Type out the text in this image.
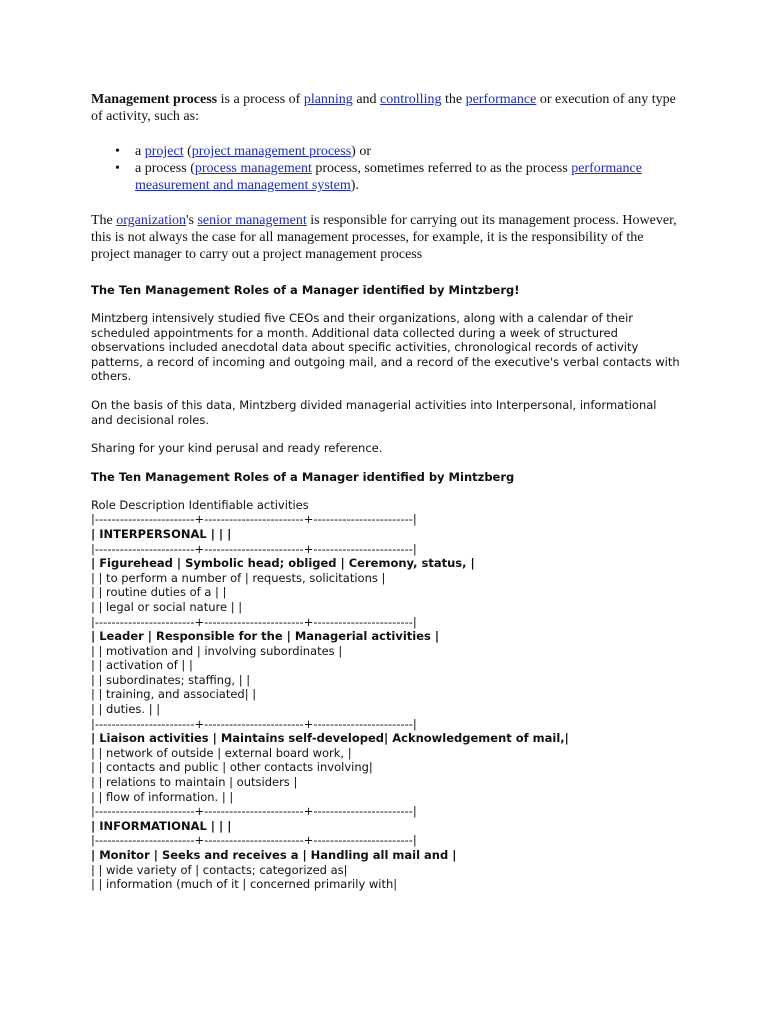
Management process is a process of planning and controlling the performance or execution of any type of activity, such as:

• a project (project management process) or
• a process (process management process, sometimes referred to as the process performance measurement and management system).

The organization's senior management is responsible for carrying out its management process. However, this is not always the case for all management processes, for example, it is the responsibility of the project manager to carry out a project management process

The Ten Management Roles of a Manager identified by Mintzberg!

Mintzberg intensively studied five CEOs and their organizations, along with a calendar of their scheduled appointments for a month. Additional data collected during a week of structured observations included anecdotal data about specific activities, chronological records of activity patterns, a record of incoming and outgoing mail, and a record of the executive's verbal contacts with others.

On the basis of this data, Mintzberg divided managerial activities into Interpersonal, informational and decisional roles.

Sharing for your kind perusal and ready reference.

The Ten Management Roles of a Manager identified by Mintzberg

Role Description Identifiable activities

|------------------------+------------------------+------------------------|
| INTERPERSONAL | | |
|------------------------+------------------------+------------------------|
| Figurehead | Symbolic head; obliged | Ceremony, status, |
| | to perform a number of | requests, solicitations |
| | routine duties of a | |
| | legal or social nature | |
|------------------------+------------------------+------------------------|
| Leader | Responsible for the | Managerial activities |
| | motivation and | involving subordinates |
| | activation of | |
| | subordinates; staffing, | |
| | training, and associated| |
| | duties. | |
|------------------------+------------------------+------------------------|
| Liaison activities | Maintains self-developed| Acknowledgement of mail,|
| | network of outside | external board work, |
| | contacts and public | other contacts involving|
| | relations to maintain | outsiders |
| | flow of information. | |
|------------------------+------------------------+------------------------|
| INFORMATIONAL | | |
|------------------------+------------------------+------------------------|
| Monitor | Seeks and receives a | Handling all mail and |
| | wide variety of | contacts; categorized as|
| | information (much of it | concerned primarily with|
